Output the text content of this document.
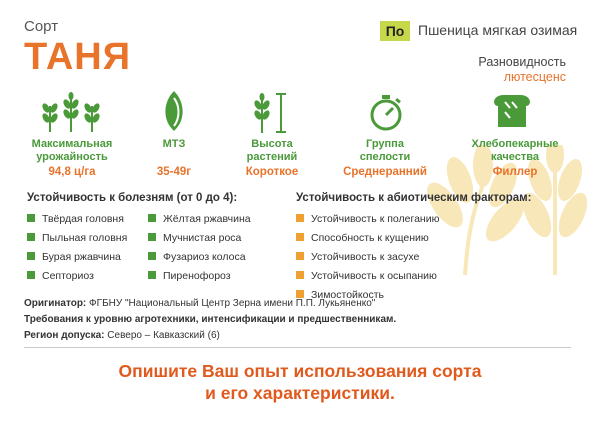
Сорт
ТАНЯ
По Пшеница мягкая озимая
Разновидность
лютесценс
Максимальная урожайность
94,8 ц/га
МТЗ
35-49г
Высота растений
Короткое
Группа спелости
Среднеранний
Хлебопекарные качества
Филлер
Устойчивость к болезням (от 0 до 4):
Твёрдая головня
Пыльная головня
Бурая ржавчина
Септориоз
Жёлтая ржавчина
Мучнистая роса
Фузариоз колоса
Пиренофороз
Устойчивость к абиотическим факторам:
Устойчивость к полеганию
Способность к кущению
Устойчивость к засухе
Устойчивость к осыпанию
Зимостойкость
Оригинатор: ФГБНУ "Национальный Центр Зерна имени П.П. Лукьяненко"
Требования к уровню агротехники, интенсификации и предшественникам.
Регион допуска: Северо – Кавказский (6)
Опишите Ваш опыт использования сорта
и его характеристики.
